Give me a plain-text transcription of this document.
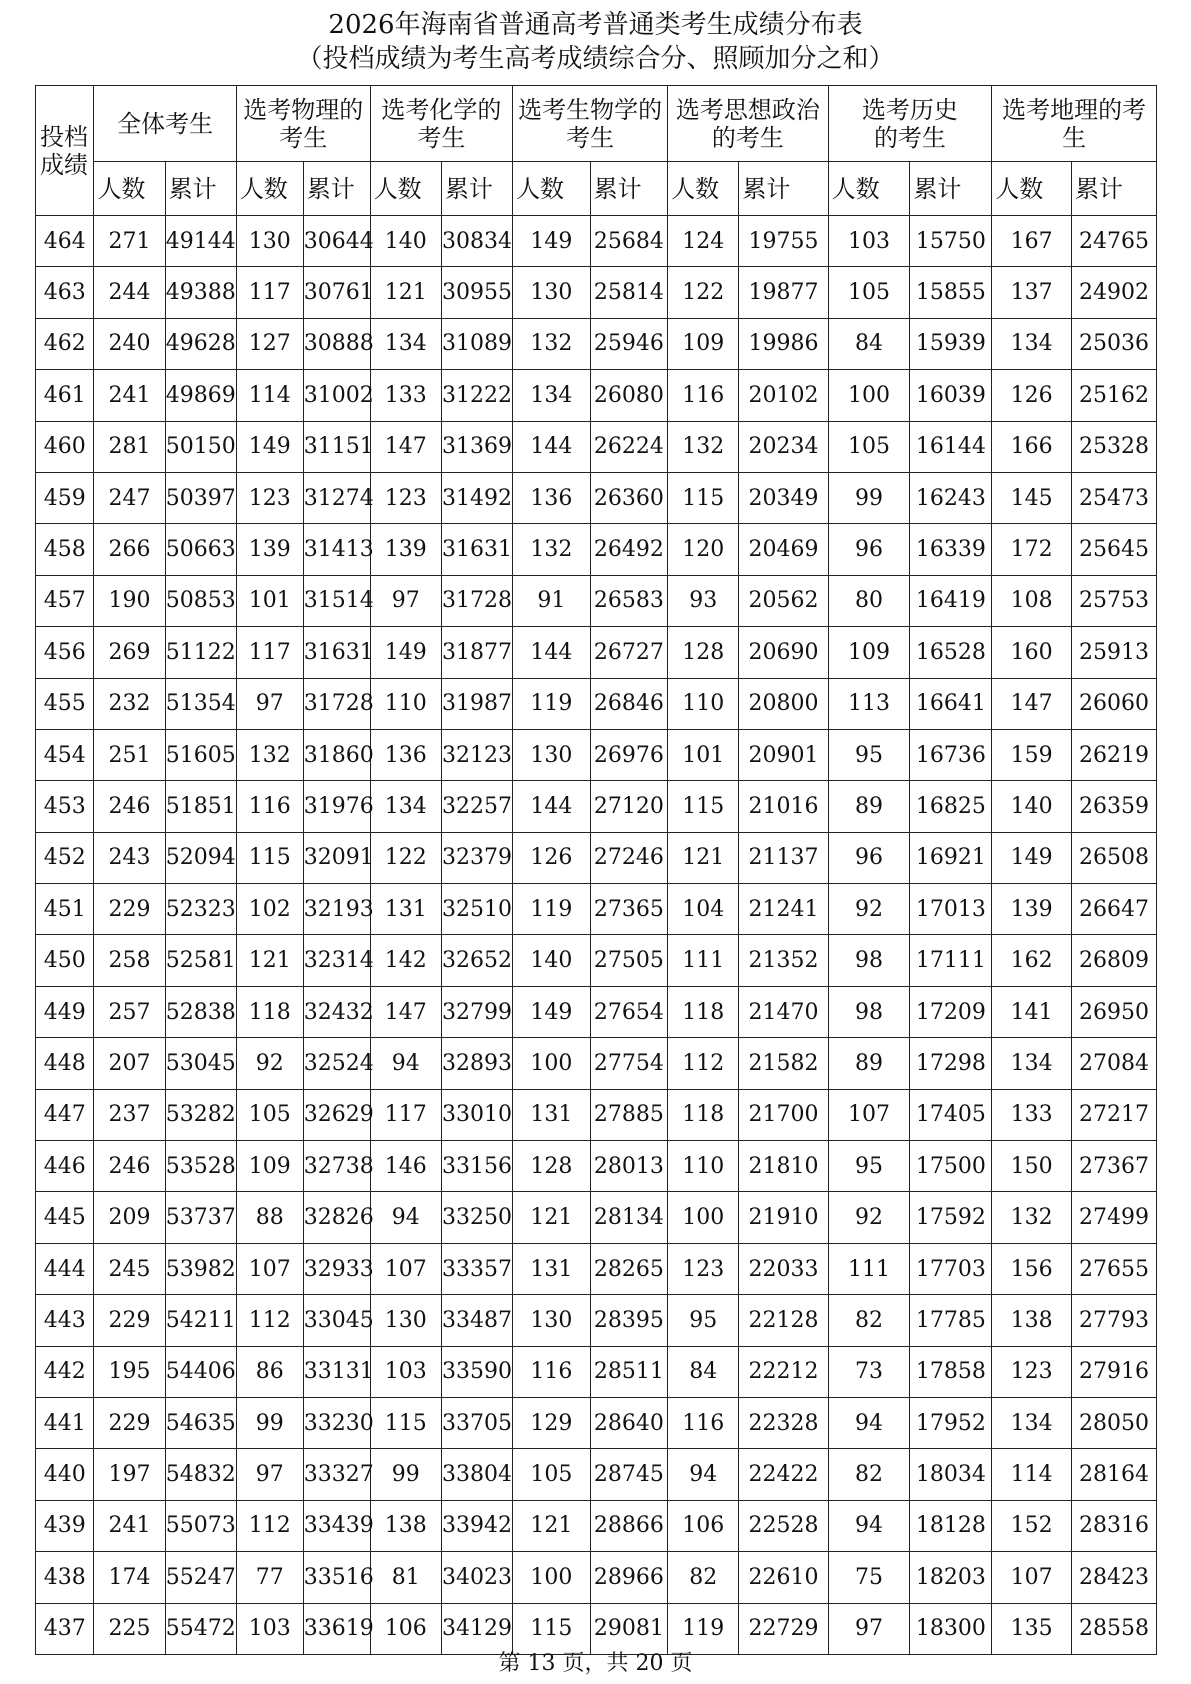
2026年海南省普通高考普通类考生成绩分布表
（投档成绩为考生高考成绩综合分、照顾加分之和）
投档成绩	全体考生		选考物理的考生		选考化学的考生		选考生物学的考生		选考思想政治的考生		选考历史　　的考生		选考地理的考生	
	人数	累计	人数	累计	人数	累计	人数	累计	人数	累计	人数	累计	人数	累计
464	271	49144	130	30644	140	30834	149	25684	124	19755	103	15750	167	24765
463	244	49388	117	30761	121	30955	130	25814	122	19877	105	15855	137	24902
462	240	49628	127	30888	134	31089	132	25946	109	19986	84	15939	134	25036
461	241	49869	114	31002	133	31222	134	26080	116	20102	100	16039	126	25162
460	281	50150	149	31151	147	31369	144	26224	132	20234	105	16144	166	25328
459	247	50397	123	31274	123	31492	136	26360	115	20349	99	16243	145	25473
458	266	50663	139	31413	139	31631	132	26492	120	20469	96	16339	172	25645
457	190	50853	101	31514	97	31728	91	26583	93	20562	80	16419	108	25753
456	269	51122	117	31631	149	31877	144	26727	128	20690	109	16528	160	25913
455	232	51354	97	31728	110	31987	119	26846	110	20800	113	16641	147	26060
454	251	51605	132	31860	136	32123	130	26976	101	20901	95	16736	159	26219
453	246	51851	116	31976	134	32257	144	27120	115	21016	89	16825	140	26359
452	243	52094	115	32091	122	32379	126	27246	121	21137	96	16921	149	26508
451	229	52323	102	32193	131	32510	119	27365	104	21241	92	17013	139	26647
450	258	52581	121	32314	142	32652	140	27505	111	21352	98	17111	162	26809
449	257	52838	118	32432	147	32799	149	27654	118	21470	98	17209	141	26950
448	207	53045	92	32524	94	32893	100	27754	112	21582	89	17298	134	27084
447	237	53282	105	32629	117	33010	131	27885	118	21700	107	17405	133	27217
446	246	53528	109	32738	146	33156	128	28013	110	21810	95	17500	150	27367
445	209	53737	88	32826	94	33250	121	28134	100	21910	92	17592	132	27499
444	245	53982	107	32933	107	33357	131	28265	123	22033	111	17703	156	27655
443	229	54211	112	33045	130	33487	130	28395	95	22128	82	17785	138	27793
442	195	54406	86	33131	103	33590	116	28511	84	22212	73	17858	123	27916
441	229	54635	99	33230	115	33705	129	28640	116	22328	94	17952	134	28050
440	197	54832	97	33327	99	33804	105	28745	94	22422	82	18034	114	28164
439	241	55073	112	33439	138	33942	121	28866	106	22528	94	18128	152	28316
438	174	55247	77	33516	81	34023	100	28966	82	22610	75	18203	107	28423
437	225	55472	103	33619	106	34129	115	29081	119	22729	97	18300	135	28558
第 13 页，共 20 页
